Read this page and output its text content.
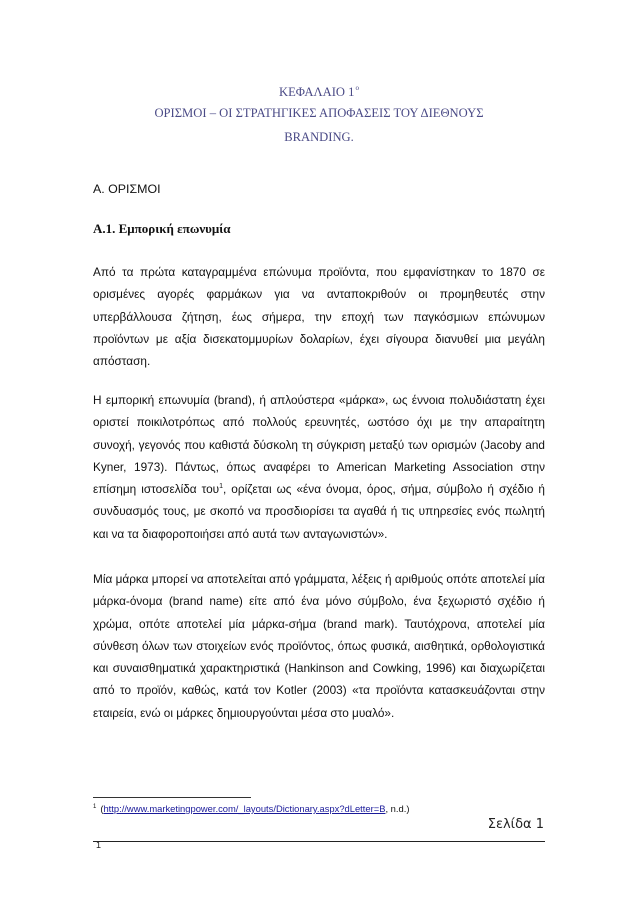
ΚΕΦΑΛΑΙΟ $1^o$
ΟΡΙΣΜΟΙ – ΟΙ ΣΤΡΑΤΗΓΙΚΕΣ ΑΠΟΦΑΣΕΙΣ ΤΟΥ ΔΙΕΘΝΟΥΣ
BRANDING.
Α. ΟΡΙΣΜΟΙ
Α.1. Εμπορική επωνυμία
Από τα πρώτα καταγραμμένα επώνυμα προϊόντα, που εμφανίστηκαν το 1870 σε ορισμένες αγορές φαρμάκων για να ανταποκριθούν οι προμηθευτές στην υπερβάλλουσα ζήτηση, έως σήμερα, την εποχή των παγκόσμιων επώνυμων προϊόντων με αξία δισεκατομμυρίων δολαρίων, έχει σίγουρα διανυθεί μια μεγάλη απόσταση.
Η εμπορική επωνυμία (brand), ή απλούστερα «μάρκα», ως έννοια πολυδιάστατη έχει οριστεί ποικιλοτρόπως από πολλούς ερευνητές, ωστόσο όχι με την απαραίτητη συνοχή, γεγονός που καθιστά δύσκολη τη σύγκριση μεταξύ των ορισμών (Jacoby and Kyner, 1973). Πάντως, όπως αναφέρει το American Marketing Association στην επίσημη ιστοσελίδα του$^1$, ορίζεται ως «ένα όνομα, όρος, σήμα, σύμβολο ή σχέδιο ή συνδυασμός τους, με σκοπό να προσδιορίσει τα αγαθά ή τις υπηρεσίες ενός πωλητή και να τα διαφοροποιήσει από αυτά των ανταγωνιστών».
Μία μάρκα μπορεί να αποτελείται από γράμματα, λέξεις ή αριθμούς οπότε αποτελεί μία μάρκα-όνομα (brand name) είτε από ένα μόνο σύμβολο, ένα ξεχωριστό σχέδιο ή χρώμα, οπότε αποτελεί μία μάρκα-σήμα (brand mark). Ταυτόχρονα, αποτελεί μία σύνθεση όλων των στοιχείων ενός προϊόντος, όπως φυσικά, αισθητικά, ορθολογιστικά και συναισθηματικά χαρακτηριστικά (Hankinson and Cowking, 1996) και διαχωρίζεται από το προϊόν, καθώς, κατά τον Kotler (2003) «τα προϊόντα κατασκευάζονται στην εταιρεία, ενώ οι μάρκες δημιουργούνται μέσα στο μυαλό».
$^1$ (http://www.marketingpower.com/_layouts/Dictionary.aspx?dLetter=B, n.d.)
Σελίδα 1
1
